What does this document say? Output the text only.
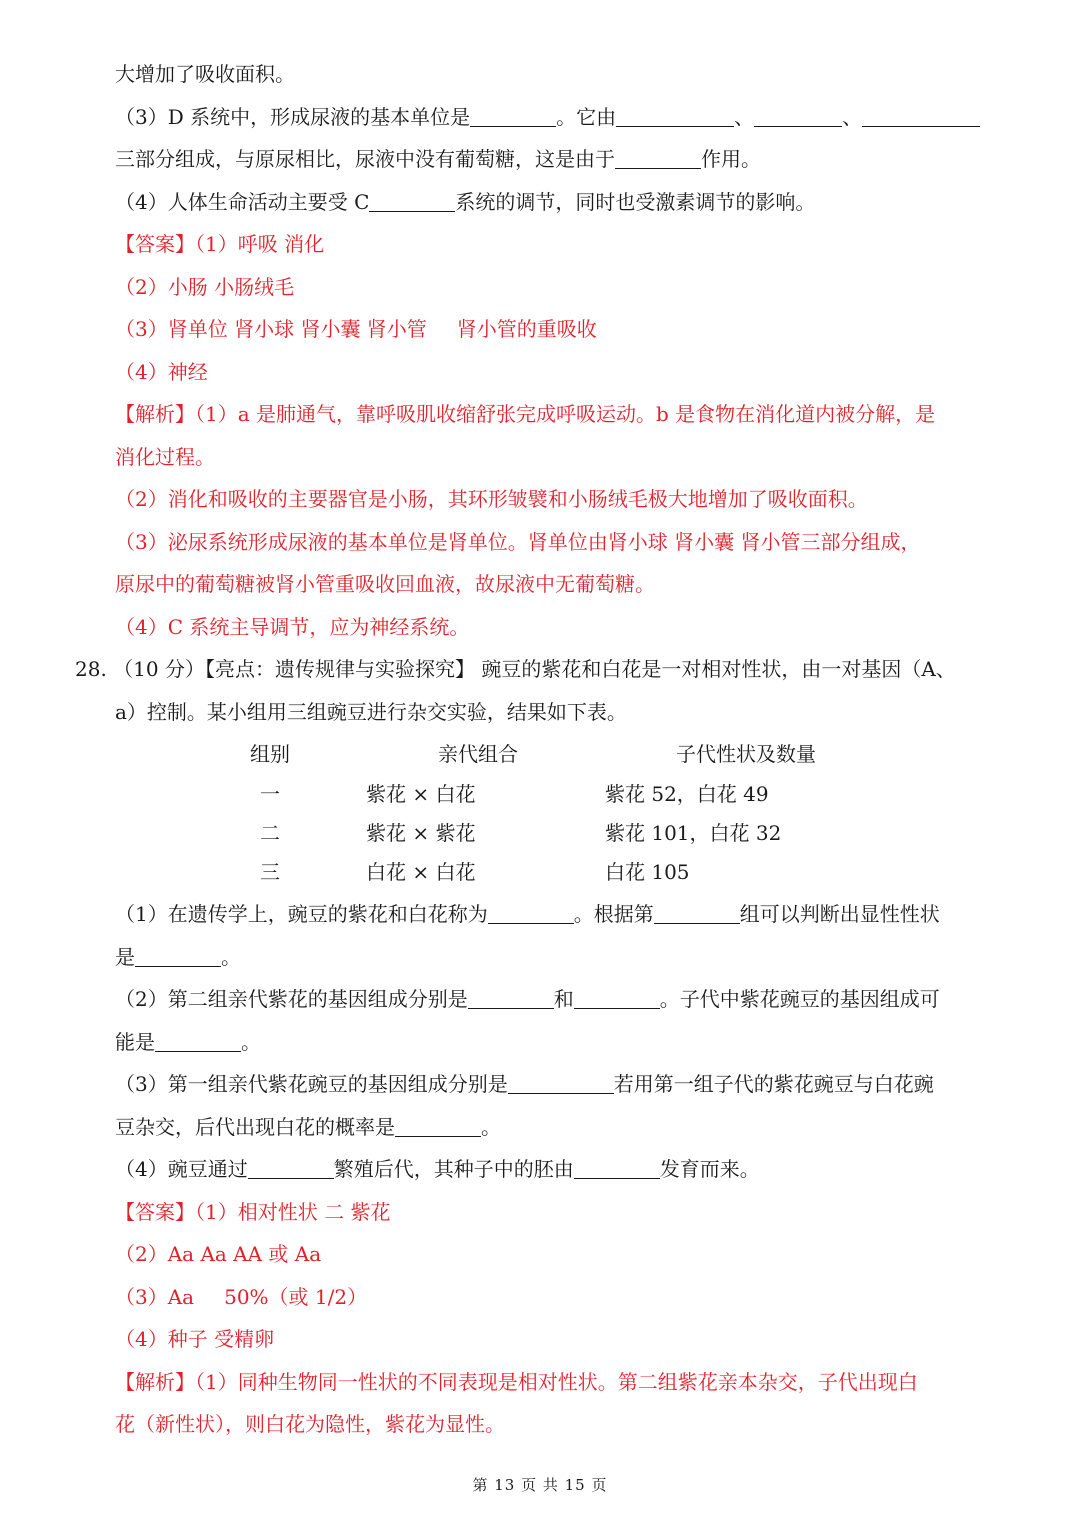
大增加了吸收面积。
（3）D 系统中，形成尿液的基本单位是	。它由	、	、
三部分组成，与原尿相比，尿液中没有葡萄糖，这是由于	作用。
（4）人体生命活动主要受 C	系统的调节，同时也受激素调节的影响。
【答案】（1）呼吸 消化
（2）小肠 小肠绒毛
（3）肾单位 肾小球 肾小囊 肾小管 肾小管的重吸收
（4）神经
【解析】（1）a 是肺通气，靠呼吸肌收缩舒张完成呼吸运动。b 是食物在消化道内被分解，是
消化过程。
（2）消化和吸收的主要器官是小肠，其环形皱襞和小肠绒毛极大地增加了吸收面积。
（3）泌尿系统形成尿液的基本单位是肾单位。肾单位由肾小球 肾小囊 肾小管三部分组成，
原尿中的葡萄糖被肾小管重吸收回血液，故尿液中无葡萄糖。
（4）C 系统主导调节，应为神经系统。
28. （10 分）【亮点：遗传规律与实验探究】 豌豆的紫花和白花是一对相对性状，由一对基因（A、
a）控制。某小组用三组豌豆进行杂交实验，结果如下表。
组别	亲代组合	子代性状及数量
一	紫花 × 白花	紫花 52，白花 49
二	紫花 × 紫花	紫花 101，白花 32
三	白花 × 白花	白花 105
（1）在遗传学上，豌豆的紫花和白花称为	。根据第	组可以判断出显性性状
是	。
（2）第二组亲代紫花的基因组成分别是	和	。子代中紫花豌豆的基因组成可
能是	。
（3）第一组亲代紫花豌豆的基因组成分别是	若用第一组子代的紫花豌豆与白花豌
豆杂交，后代出现白花的概率是	。
（4）豌豆通过	繁殖后代，其种子中的胚由	发育而来。
【答案】（1）相对性状 二 紫花
（2）Aa Aa AA 或 Aa
（3）Aa 50%（或 1/2）
（4）种子 受精卵
【解析】（1）同种生物同一性状的不同表现是相对性状。第二组紫花亲本杂交，子代出现白
花（新性状），则白花为隐性，紫花为显性。
第 13 页 共 15 页
